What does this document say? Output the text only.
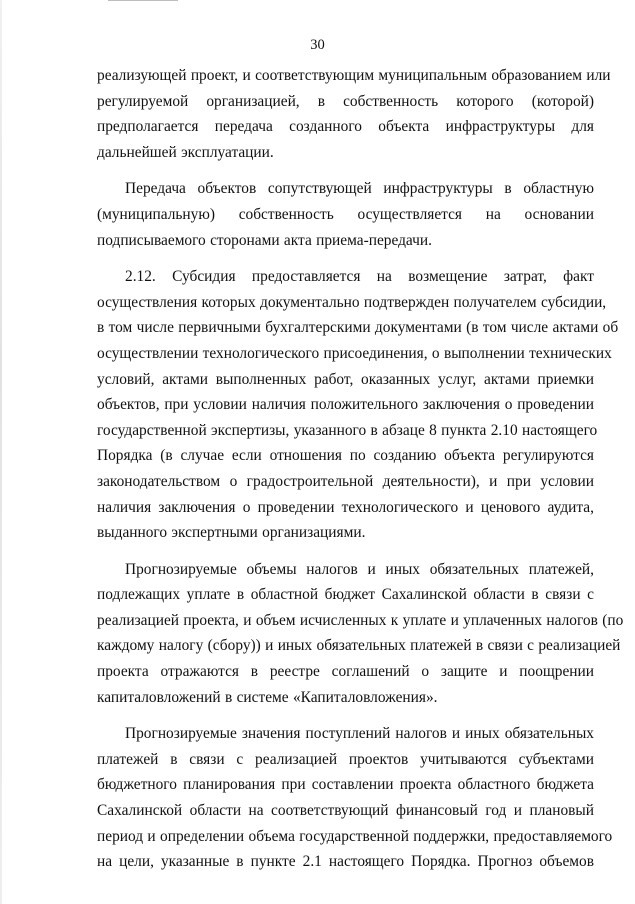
30

реализующей проект, и соответствующим муниципальным образованием или
регулируемой организацией, в собственность которого (которой)
предполагается передача созданного объекта инфраструктуры для
дальнейшей эксплуатации.

Передача объектов сопутствующей инфраструктуры в областную
(муниципальную) собственность осуществляется на основании
подписываемого сторонами акта приема-передачи.

2.12. Субсидия предоставляется на возмещение затрат, факт
осуществления которых документально подтвержден получателем субсидии,
в том числе первичными бухгалтерскими документами (в том числе актами об
осуществлении технологического присоединения, о выполнении технических
условий, актами выполненных работ, оказанных услуг, актами приемки
объектов, при условии наличия положительного заключения о проведении
государственной экспертизы, указанного в абзаце 8 пункта 2.10 настоящего
Порядка (в случае если отношения по созданию объекта регулируются
законодательством о градостроительной деятельности), и при условии
наличия заключения о проведении технологического и ценового аудита,
выданного экспертными организациями.

Прогнозируемые объемы налогов и иных обязательных платежей,
подлежащих уплате в областной бюджет Сахалинской области в связи с
реализацией проекта, и объем исчисленных к уплате и уплаченных налогов (по
каждому налогу (сбору)) и иных обязательных платежей в связи с реализацией
проекта отражаются в реестре соглашений о защите и поощрении
капиталовложений в системе «Капиталовложения».

Прогнозируемые значения поступлений налогов и иных обязательных
платежей в связи с реализацией проектов учитываются субъектами
бюджетного планирования при составлении проекта областного бюджета
Сахалинской области на соответствующий финансовый год и плановый
период и определении объема государственной поддержки, предоставляемого
на цели, указанные в пункте 2.1 настоящего Порядка. Прогноз объемов
